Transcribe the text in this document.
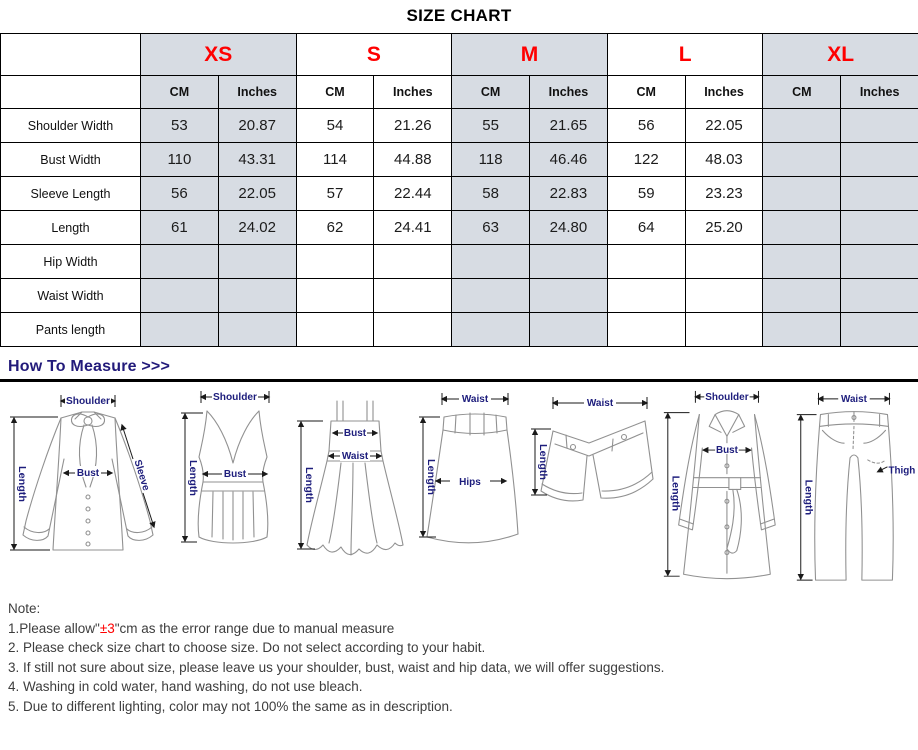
SIZE CHART
	XS		S		M		L		XL	
	CM	Inches	CM	Inches	CM	Inches	CM	Inches	CM	Inches
Shoulder Width	53	20.87	54	21.26	55	21.65	56	22.05		
Bust Width	110	43.31	114	44.88	118	46.46	122	48.03		
Sleeve Length	56	22.05	57	22.44	58	22.83	59	23.23		
Length	61	24.02	62	24.41	63	24.80	64	25.20		
Hip Width										
Waist Width										
Pants length										
How To Measure >>>
Shoulder
Length	Bust	Sleeve
Shoulder
Length	Bust
Bust
Waist
Length
Waist
Length Hips
Waist
Length
Shoulder
Length
Bust
Waist
Length
Thigh
Note:
1.Please allow"±3"cm as the error range due to manual measure
2. Please check size chart to choose size. Do not select according to your habit.
3. If still not sure about size, please leave us your shoulder, bust, waist and hip data, we will offer suggestions.
4. Washing in cold water, hand washing, do not use bleach.
5. Due to different lighting, color may not 100% the same as in description.
